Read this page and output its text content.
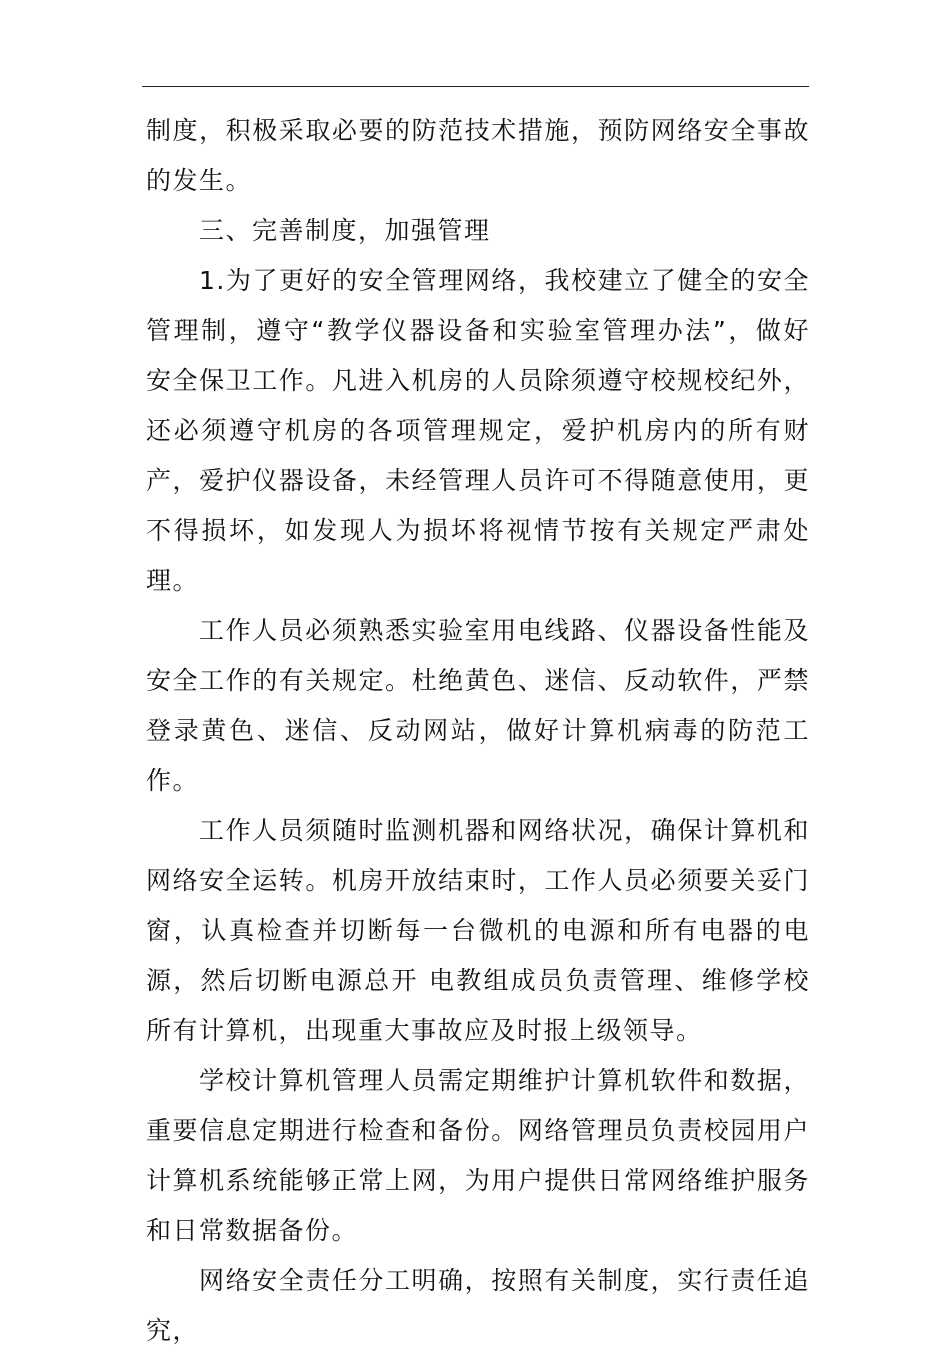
制度，积极采取必要的防范技术措施，预防网络安全事故的发生。

三、完善制度，加强管理

1.为了更好的安全管理网络，我校建立了健全的安全管理制，遵守“教学仪器设备和实验室管理办法”，做好安全保卫工作。凡进入机房的人员除须遵守校规校纪外，还必须遵守机房的各项管理规定，爱护机房内的所有财产，爱护仪器设备，未经管理人员许可不得随意使用，更不得损坏，如发现人为损坏将视情节按有关规定严肃处理。

工作人员必须熟悉实验室用电线路、仪器设备性能及安全工作的有关规定。杜绝黄色、迷信、反动软件，严禁登录黄色、迷信、反动网站，做好计算机病毒的防范工作。

工作人员须随时监测机器和网络状况，确保计算机和网络安全运转。机房开放结束时，工作人员必须要关妥门窗，认真检查并切断每一台微机的电源和所有电器的电源，然后切断电源总开 电教组成员负责管理、维修学校所有计算机，出现重大事故应及时报上级领导。

学校计算机管理人员需定期维护计算机软件和数据，重要信息定期进行检查和备份。网络管理员负责校园用户计算机系统能够正常上网，为用户提供日常网络维护服务和日常数据备份。

网络安全责任分工明确，按照有关制度，实行责任追究，
